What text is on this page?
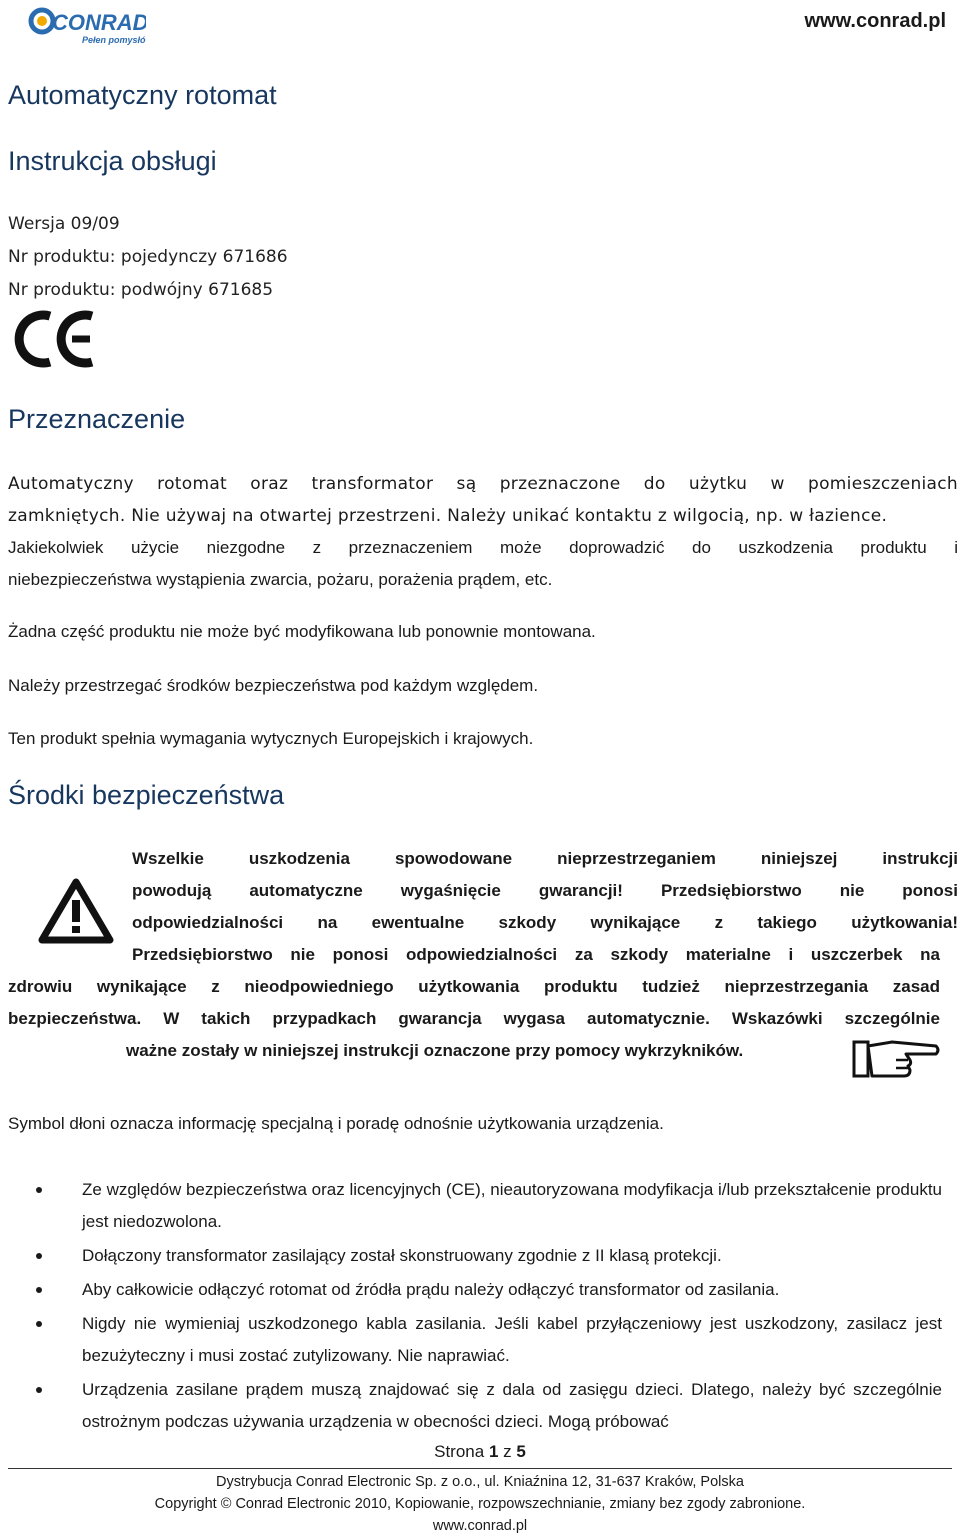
CONRAD
Pełen pomysłów
www.conrad.pl
Automatyczny rotomat
Instrukcja obsługi
Wersja 09/09
Nr produktu: pojedynczy 671686
Nr produktu: podwójny 671685
Przeznaczenie
Automatyczny rotomat oraz transformator są przeznaczone do użytku w pomieszczeniach
zamkniętych. Nie używaj na otwartej przestrzeni. Należy unikać kontaktu z wilgocią, np. w łazience.
Jakiekolwiek użycie niezgodne z przeznaczeniem może doprowadzić do uszkodzenia produktu i
niebezpieczeństwa wystąpienia zwarcia, pożaru, porażenia prądem, etc.
Żadna część produktu nie może być modyfikowana lub ponownie montowana.
Należy przestrzegać środków bezpieczeństwa pod każdym względem.
Ten produkt spełnia wymagania wytycznych Europejskich i krajowych.
Środki bezpieczeństwa
Wszelkie uszkodzenia spowodowane nieprzestrzeganiem niniejszej instrukcji
powodują automatyczne wygaśnięcie gwarancji! Przedsiębiorstwo nie ponosi
odpowiedzialności na ewentualne szkody wynikające z takiego użytkowania!
Przedsiębiorstwo nie ponosi odpowiedzialności za szkody materialne i uszczerbek na
zdrowiu wynikające z nieodpowiedniego użytkowania produktu tudzież nieprzestrzegania zasad
bezpieczeństwa. W takich przypadkach gwarancja wygasa automatycznie. Wskazówki szczególnie
ważne zostały w niniejszej instrukcji oznaczone przy pomocy wykrzykników.
Symbol dłoni oznacza informację specjalną i poradę odnośnie użytkowania urządzenia.
Ze względów bezpieczeństwa oraz licencyjnych (CE), nieautoryzowana modyfikacja i/lub przekształcenie produktu jest niedozwolona.
Dołączony transformator zasilający został skonstruowany zgodnie z II klasą protekcji.
Aby całkowicie odłączyć rotomat od źródła prądu należy odłączyć transformator od zasilania.
Nigdy nie wymieniaj uszkodzonego kabla zasilania. Jeśli kabel przyłączeniowy jest uszkodzony, zasilacz jest bezużyteczny i musi zostać zutylizowany. Nie naprawiać.
Urządzenia zasilane prądem muszą znajdować się z dala od zasięgu dzieci. Dlatego, należy być szczególnie ostrożnym podczas używania urządzenia w obecności dzieci. Mogą próbować
Strona 1 z 5
Dystrybucja Conrad Electronic Sp. z o.o., ul. Kniaźnina 12, 31-637 Kraków, Polska
Copyright © Conrad Electronic 2010, Kopiowanie, rozpowszechnianie, zmiany bez zgody zabronione.
www.conrad.pl
